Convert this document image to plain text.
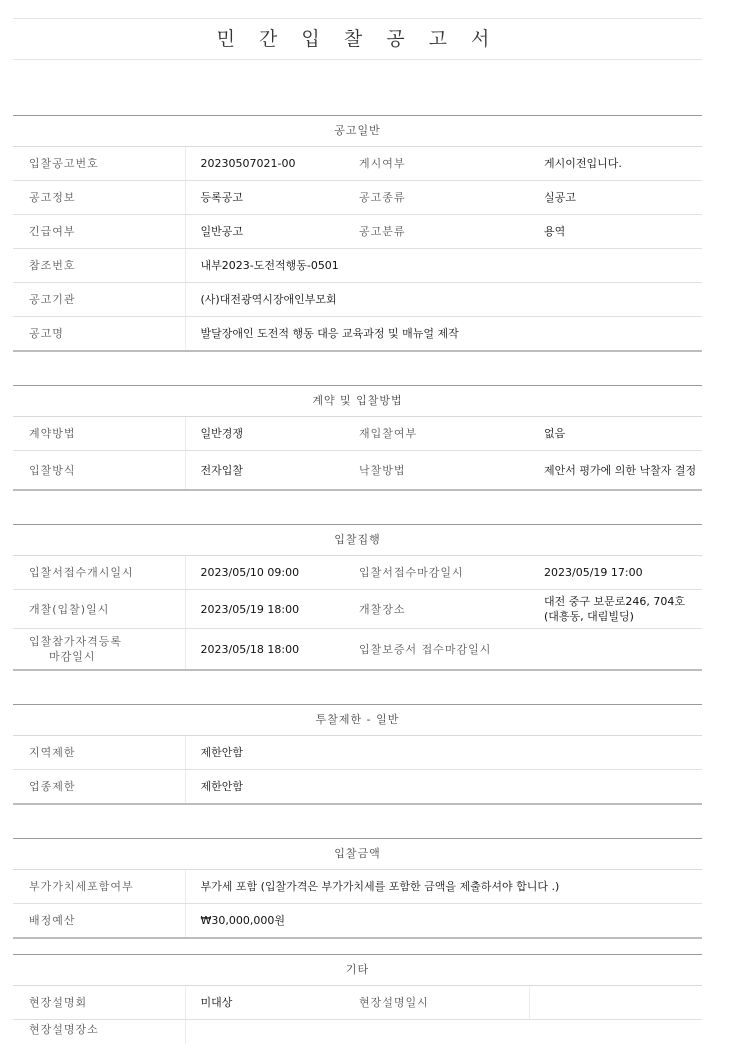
민 간 입 찰 공 고 서
공고일반
입찰공고번호	20230507021-00	게시여부	게시이전입니다.
공고정보	등록공고	공고종류	실공고
긴급여부	일반공고	공고분류	용역
참조번호	내부2023-도전적행동-0501		
공고기관	(사)대전광역시장애인부모회		
공고명	발달장애인 도전적 행동 대응 교육과정 및 매뉴얼 제작		
계약 및 입찰방법
계약방법	일반경쟁	재입찰여부	없음
입찰방식	전자입찰	낙찰방법	제안서 평가에 의한 낙찰자 결정
입찰집행
입찰서접수개시일시	2023/05/10 09:00	입찰서접수마감일시	2023/05/19 17:00
개찰(입찰)일시	2023/05/19 18:00	개찰장소	대전 중구 보문로246, 704호 (대흥동, 대림빌딩)
입찰참가자격등록
마감일시	2023/05/18 18:00	입찰보증서 접수마감일시	
투찰제한 - 일반
지역제한	제한안함
업종제한	제한안함
입찰금액
부가가치세포함여부	부가세 포함 (입찰가격은 부가가치세를 포함한 금액을 제출하셔야 합니다 .)
배정예산	₩30,000,000원
기타
현장설명회	미대상	현장설명일시	
현장설명장소			
